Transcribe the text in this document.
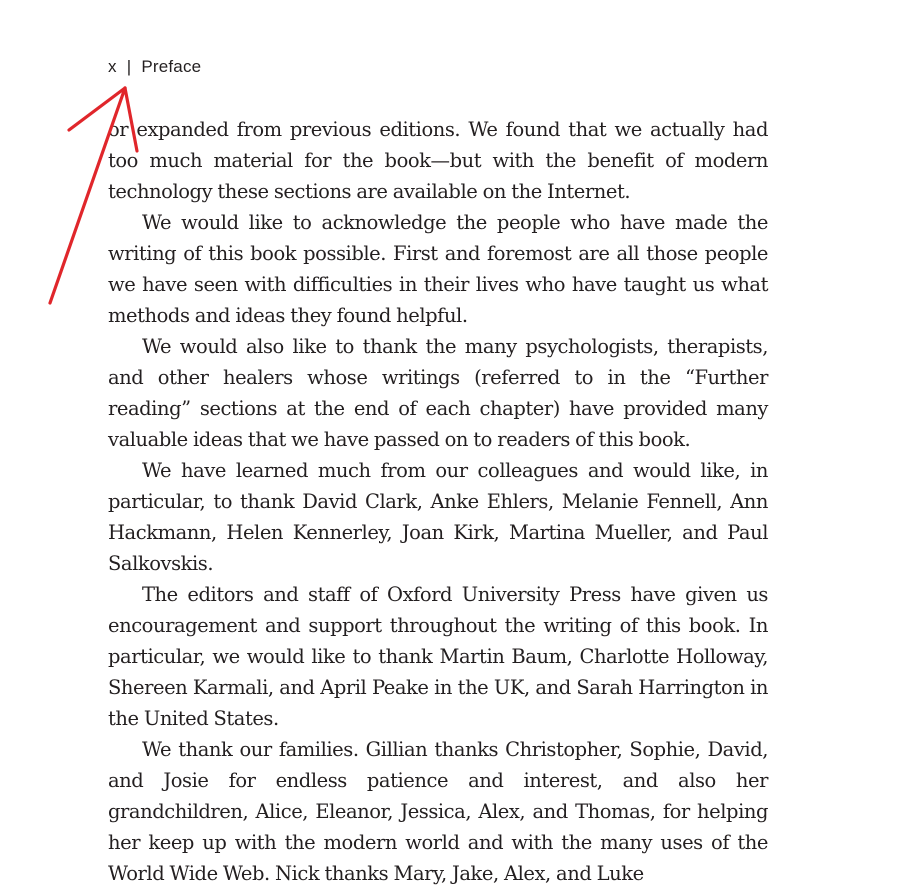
x | Preface

or expanded from previous editions. We found that we actually had too much material for the book—but with the benefit of modern technology these sections are available on the Internet.

We would like to acknowledge the people who have made the writing of this book possible. First and foremost are all those people we have seen with difficulties in their lives who have taught us what methods and ideas they found helpful.

We would also like to thank the many psychologists, therapists, and other healers whose writings (referred to in the “Further reading” sections at the end of each chapter) have provided many valuable ideas that we have passed on to readers of this book.

We have learned much from our colleagues and would like, in particular, to thank David Clark, Anke Ehlers, Melanie Fennell, Ann Hackmann, Helen Kennerley, Joan Kirk, Martina Mueller, and Paul Salkovskis.

The editors and staff of Oxford University Press have given us encouragement and support throughout the writing of this book. In particular, we would like to thank Martin Baum, Charlotte Holloway, Shereen Karmali, and April Peake in the UK, and Sarah Harrington in the United States.

We thank our families. Gillian thanks Christopher, Sophie, David, and Josie for endless patience and interest, and also her grandchildren, Alice, Eleanor, Jessica, Alex, and Thomas, for helping her keep up with the modern world and with the many uses of the World Wide Web. Nick thanks Mary, Jake, Alex, and Luke
